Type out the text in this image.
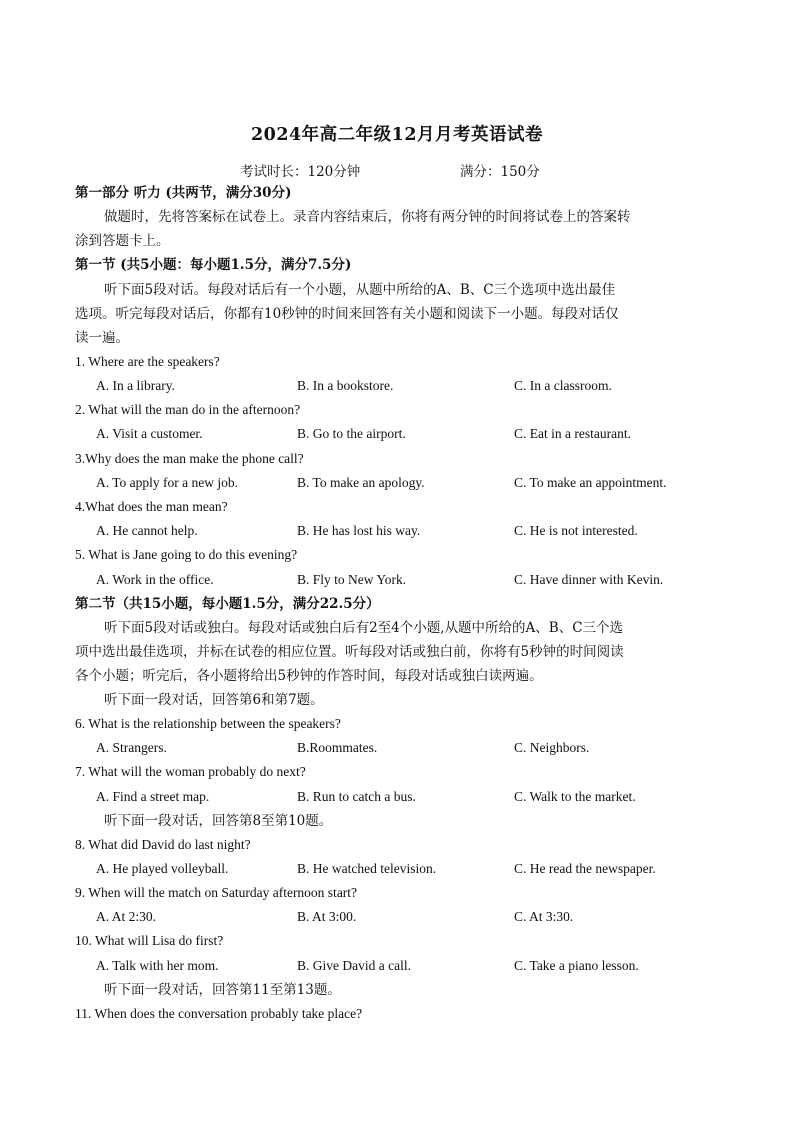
2024年高二年级12月月考英语试卷
考试时长：120分钟	满分：150分
第一部分 听力 (共两节，满分30分)
做题时，先将答案标在试卷上。录音内容结束后，你将有两分钟的时间将试卷上的答案转
涂到答题卡上。
第一节 (共5小题：每小题1.5分，满分7.5分)
听下面5段对话。每段对话后有一个小题，从题中所给的A、B、C三个选项中选出最佳
选项。听完每段对话后，你都有10秒钟的时间来回答有关小题和阅读下一小题。每段对话仅
读一遍。
1. Where are the speakers?
A. In a library.	B. In a bookstore.	C. In a classroom.
2. What will the man do in the afternoon?
A. Visit a customer.	B. Go to the airport.	C. Eat in a restaurant.
3.Why does the man make the phone call?
A. To apply for a new job.	B. To make an apology.	C. To make an appointment.
4.What does the man mean?
A. He cannot help.	B. He has lost his way.	C. He is not interested.
5. What is Jane going to do this evening?
A. Work in the office.	B. Fly to New York.	C. Have dinner with Kevin.
第二节（共15小题，每小题1.5分，满分22.5分）
听下面5段对话或独白。每段对话或独白后有2至4个小题,从题中所给的A、B、C三个选
项中选出最佳选项，并标在试卷的相应位置。听每段对话或独白前，你将有5秒钟的时间阅读
各个小题；听完后，各小题将给出5秒钟的作答时间，每段对话或独白读两遍。
听下面一段对话，回答第6和第7题。
6. What is the relationship between the speakers?
A. Strangers.	B.Roommates.	C. Neighbors.
7. What will the woman probably do next?
A. Find a street map.	B. Run to catch a bus.	C. Walk to the market.
听下面一段对话，回答第8至第10题。
8. What did David do last night?
A. He played volleyball.	B. He watched television.	C. He read the newspaper.
9. When will the match on Saturday afternoon start?
A. At 2:30.	B. At 3:00.	C. At 3:30.
10. What will Lisa do first?
A. Talk with her mom.	B. Give David a call.	C. Take a piano lesson.
听下面一段对话，回答第11至第13题。
11. When does the conversation probably take place?
